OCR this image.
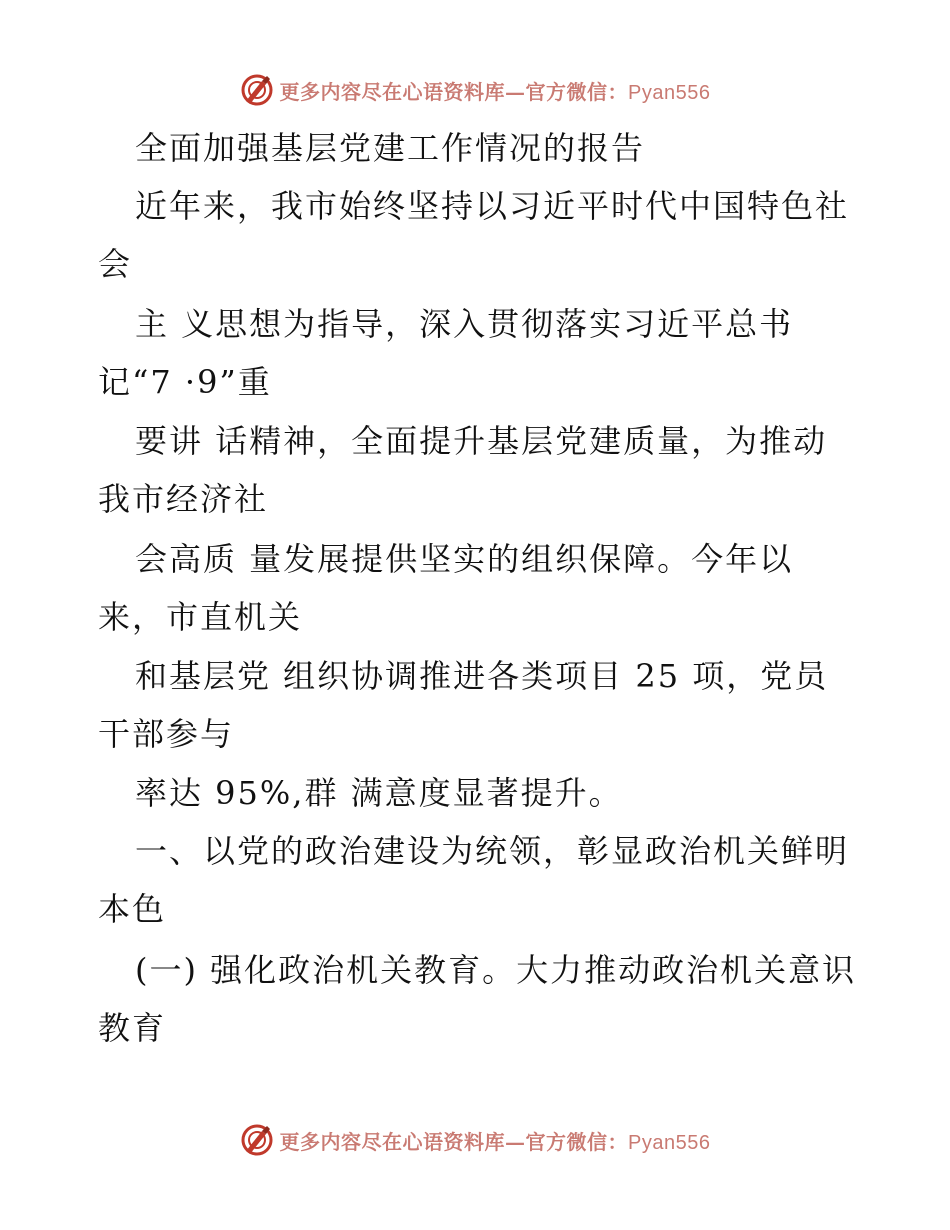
更多内容尽在心语资料库—官方微信：Pyan556
全面加强基层党建工作情况的报告
近年来，我市始终坚持以习近平时代中国特色社
会
主 义思想为指导，深入贯彻落实习近平总书
记“7 ·9”重
要讲 话精神，全面提升基层党建质量，为推动
我市经济社
会高质 量发展提供坚实的组织保障。今年以
来，市直机关
和基层党 组织协调推进各类项目 25 项，党员
干部参与
率达 95%,群 满意度显著提升。
一、以党的政治建设为统领，彰显政治机关鲜明
本色
(一) 强化政治机关教育。大力推动政治机关意识
教育
更多内容尽在心语资料库—官方微信：Pyan556
